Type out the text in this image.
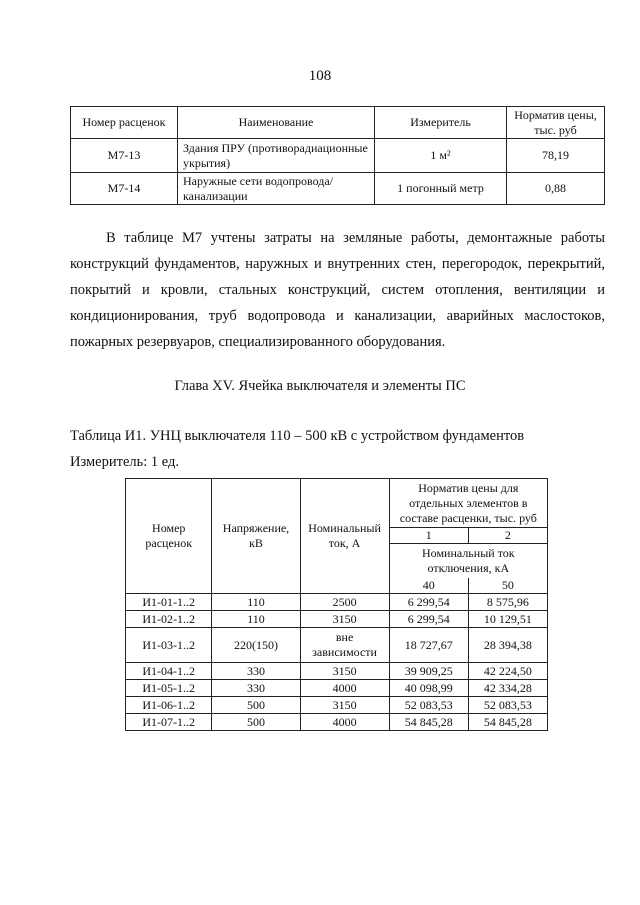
108
Номер расценок	Наименование	Измеритель	Норматив цены, тыс. руб
М7-13	Здания ПРУ (противорадиационные укрытия)	1 м²	78,19
М7-14	Наружные сети водопровода/канализации	1 погонный метр	0,88
В таблице М7 учтены затраты на земляные работы, демонтажные работы конструкций фундаментов, наружных и внутренних стен, перегородок, перекрытий, покрытий и кровли, стальных конструкций, систем отопления, вентиляции и кондиционирования, труб водопровода и канализации, аварийных маслостоков, пожарных резервуаров, специализированного оборудования.
Глава XV. Ячейка выключателя и элементы ПС
Таблица И1. УНЦ выключателя 110 – 500 кВ с устройством фундаментов
Измеритель: 1 ед.
Номер расценок	Напряжение, кВ	Номинальный ток, А	Норматив цены для отдельных элементов в составе расценки, тыс. руб	
			1	2
			Номинальный ток отключения, кА	
			40	50

И1-01-1..2	110	2500	6 299,54	8 575,96
И1-02-1..2	110	3150	6 299,54	10 129,51
И1-03-1..2	220(150)	вне зависимости	18 727,67	28 394,38
И1-04-1..2	330	3150	39 909,25	42 224,50
И1-05-1..2	330	4000	40 098,99	42 334,28
И1-06-1..2	500	3150	52 083,53	52 083,53
И1-07-1..2	500	4000	54 845,28	54 845,28
